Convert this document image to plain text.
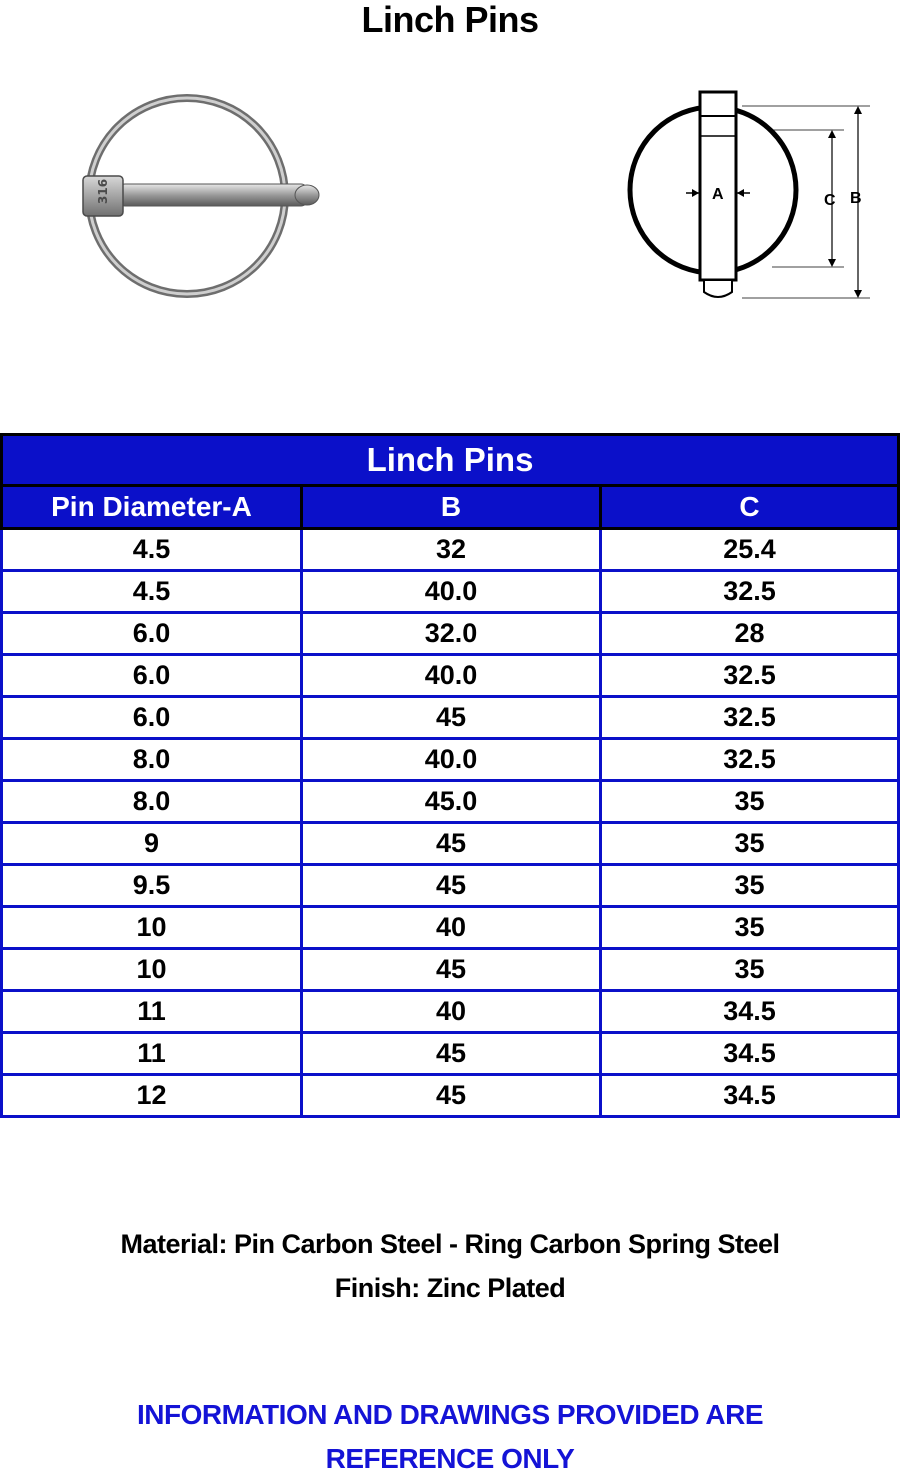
Linch Pins
316	A	C B
Linch Pins		
Pin Diameter-A	B	C
4.5	32	25.4
4.5	40.0	32.5
6.0	32.0	28
6.0	40.0	32.5
6.0	45	32.5
8.0	40.0	32.5
8.0	45.0	35
9	45	35
9.5	45	35
10	40	35
10	45	35
11	40	34.5
11	45	34.5
12	45	34.5
Material: Pin Carbon Steel - Ring Carbon Spring Steel
Finish: Zinc Plated
INFORMATION AND DRAWINGS PROVIDED ARE
REFERENCE ONLY
